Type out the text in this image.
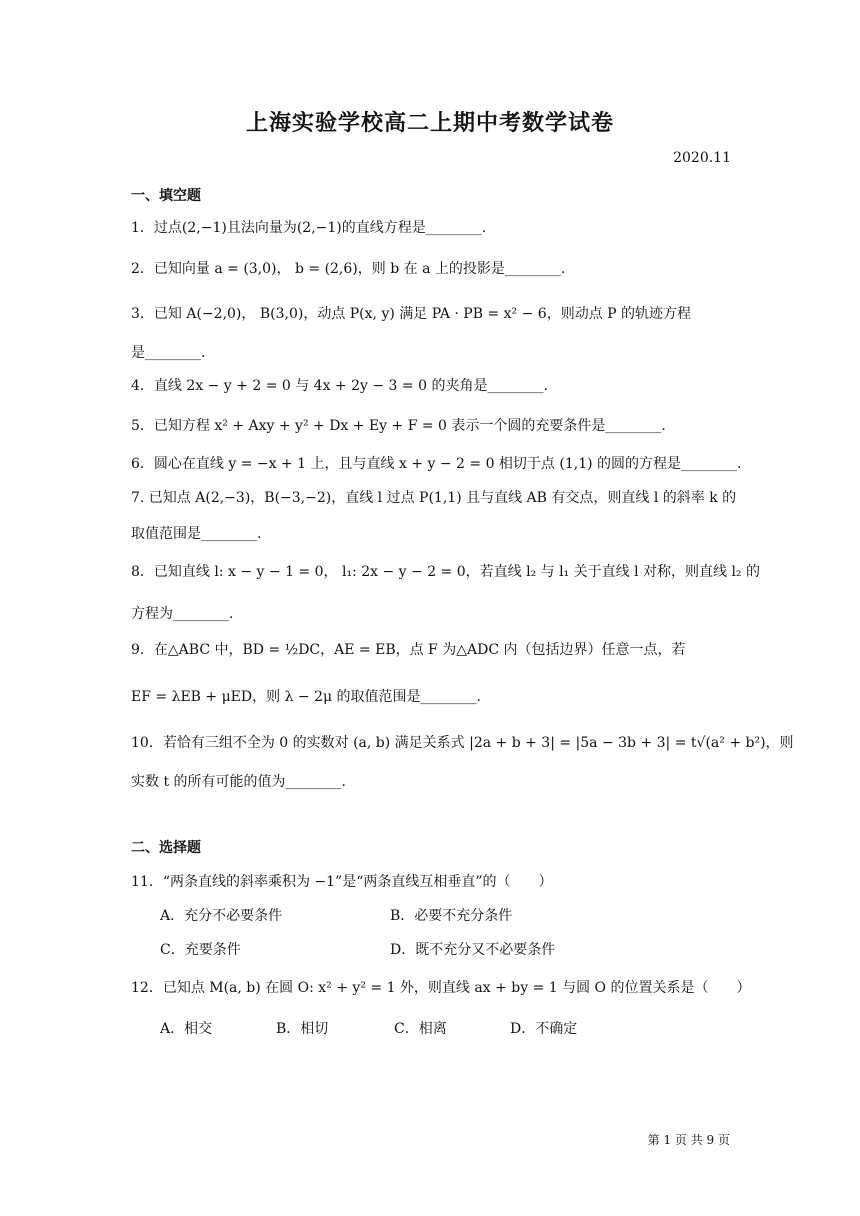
上海实验学校高二上期中考数学试卷
2020.11
一、填空题
1．过点(2,−1)且法向量为(2,−1)的直线方程是________.
2．已知向量 a = (3,0)， b = (2,6)，则 b 在 a 上的投影是________.
3．已知 A(−2,0)， B(3,0)，动点 P(x, y) 满足 PA · PB = x² − 6，则动点 P 的轨迹方程
是________.
4．直线 2x − y + 2 = 0 与 4x + 2y − 3 = 0 的夹角是________.
5．已知方程 x² + Axy + y² + Dx + Ey + F = 0 表示一个圆的充要条件是________.
6．圆心在直线 y = −x + 1 上，且与直线 x + y − 2 = 0 相切于点 (1,1) 的圆的方程是________.
7. 已知点 A(2,−3)，B(−3,−2)，直线 l 过点 P(1,1) 且与直线 AB 有交点，则直线 l 的斜率 k 的
取值范围是________.
8．已知直线 l: x − y − 1 = 0， l₁: 2x − y − 2 = 0，若直线 l₂ 与 l₁ 关于直线 l 对称，则直线 l₂ 的
方程为________.
9．在△ABC 中，BD = ½DC，AE = EB，点 F 为△ADC 内（包括边界）任意一点，若
EF = λEB + μED，则 λ − 2μ 的取值范围是________.
10．若恰有三组不全为 0 的实数对 (a, b) 满足关系式 |2a + b + 3| = |5a − 3b + 3| = t√(a² + b²)，则
实数 t 的所有可能的值为________.
二、选择题
11．“两条直线的斜率乘积为 −1”是“两条直线互相垂直”的（　　）
A．充分不必要条件	B．必要不充分条件
C．充要条件	D．既不充分又不必要条件
12．已知点 M(a, b) 在圆 O: x² + y² = 1 外，则直线 ax + by = 1 与圆 O 的位置关系是（　　）
A．相交	B．相切	C．相离	D．不确定
第 1 页 共 9 页
